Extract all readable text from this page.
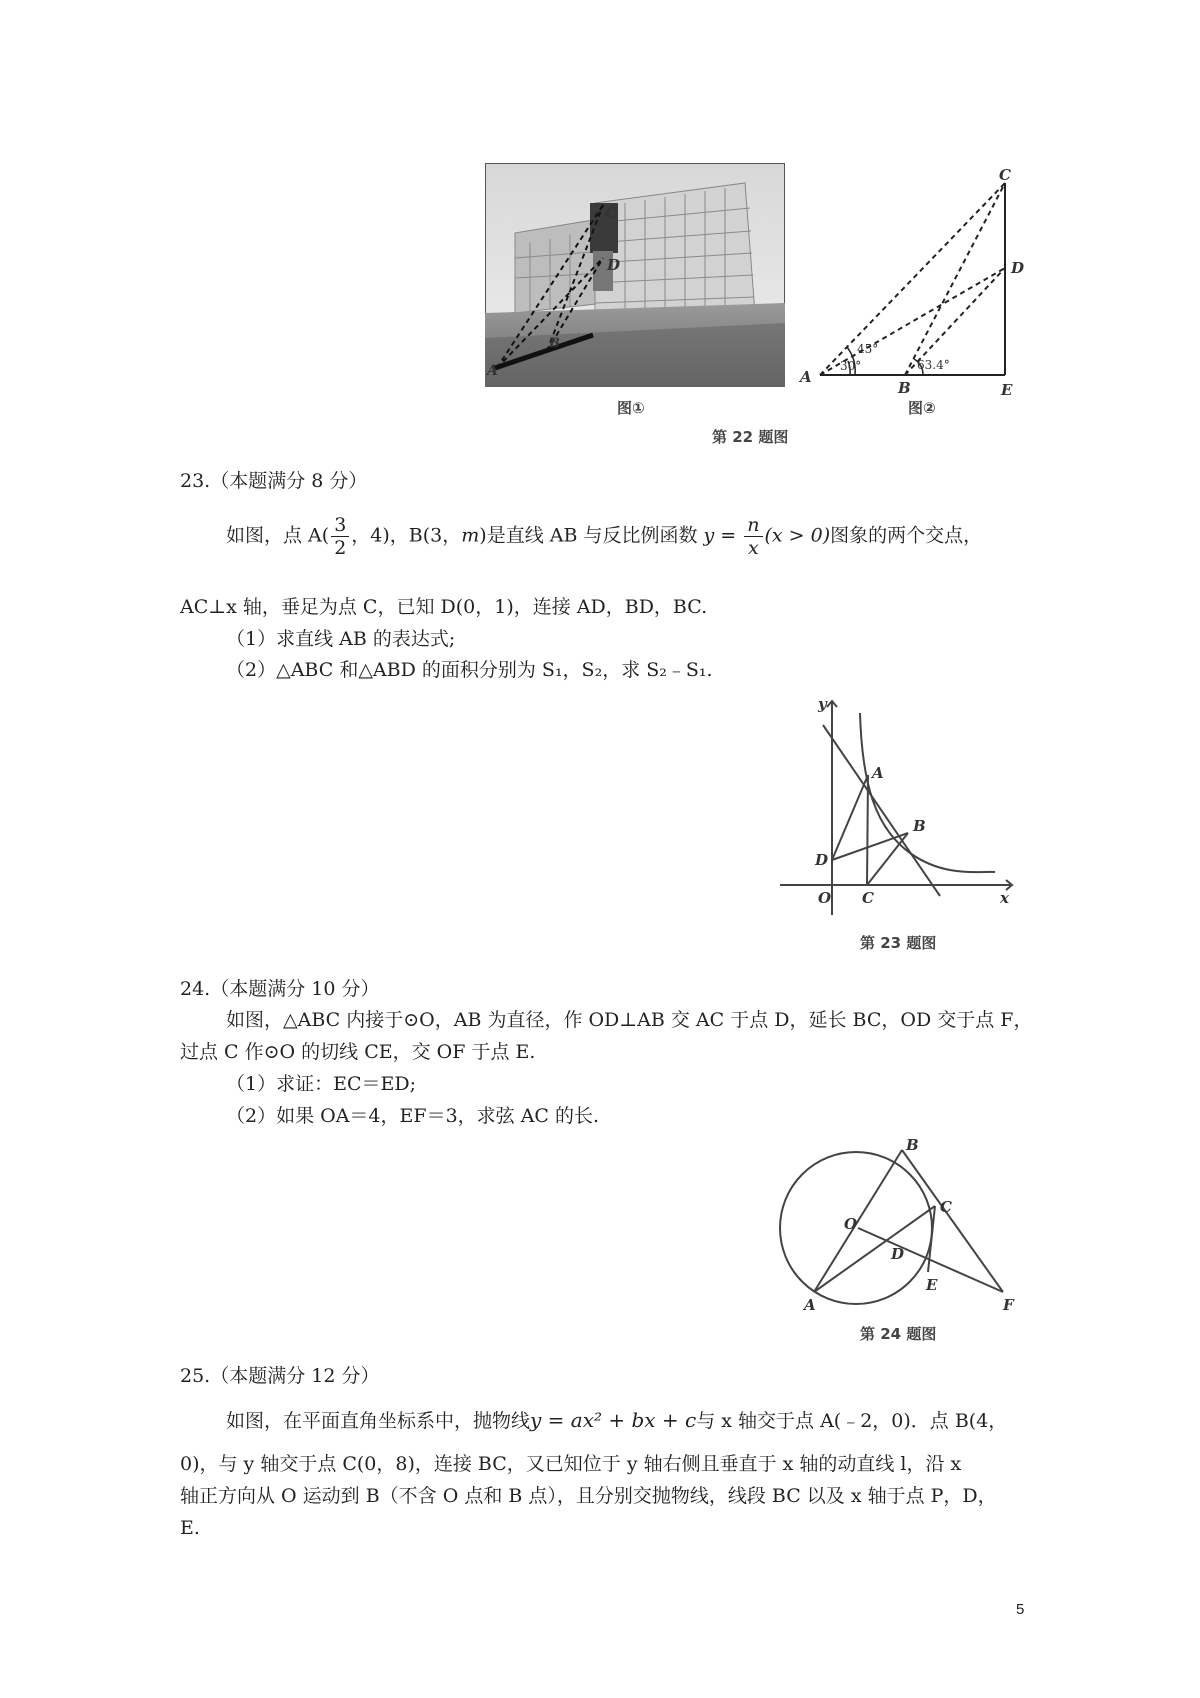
C
D
A
B
30°
45°
63.4°
A
B
C
D
E
图①	图②
第 22 题图
23.（本题满分 8 分）
如图，点 $A( \frac{3}{2}$ ，4)，B(3，m)是直线 AB 与反比例函数 $y = \frac{n}{x} (x > 0)$图象的两个交点，
AC⊥x 轴，垂足为点 C，已知 D(0，1)，连接 AD，BD，BC.
（1）求直线 AB 的表达式;
（2）△ABC 和△ABD 的面积分别为 S₁，S₂，求 S₂﹣S₁.
y
x
O
A
B
C
D
第 23 题图
24.（本题满分 10 分）
如图，△ABC 内接于⊙O，AB 为直径，作 OD⊥AB 交 AC 于点 D，延长 BC，OD 交于点 F，
过点 C 作⊙O 的切线 CE，交 OF 于点 E.
（1）求证：EC＝ED;
（2）如果 OA＝4，EF＝3，求弦 AC 的长.
B
C
O
D
E
F
A
第 24 题图
25.（本题满分 12 分）
如图，在平面直角坐标系中，抛物线y = ax² + bx + c与 x 轴交于点 A(﹣2，0)．点 B(4，
0)，与 y 轴交于点 C(0，8)，连接 BC，又已知位于 y 轴右侧且垂直于 x 轴的动直线 l，沿 x
轴正方向从 O 运动到 B（不含 O 点和 B 点），且分别交抛物线，线段 BC 以及 x 轴于点 P，D，
E.
5
